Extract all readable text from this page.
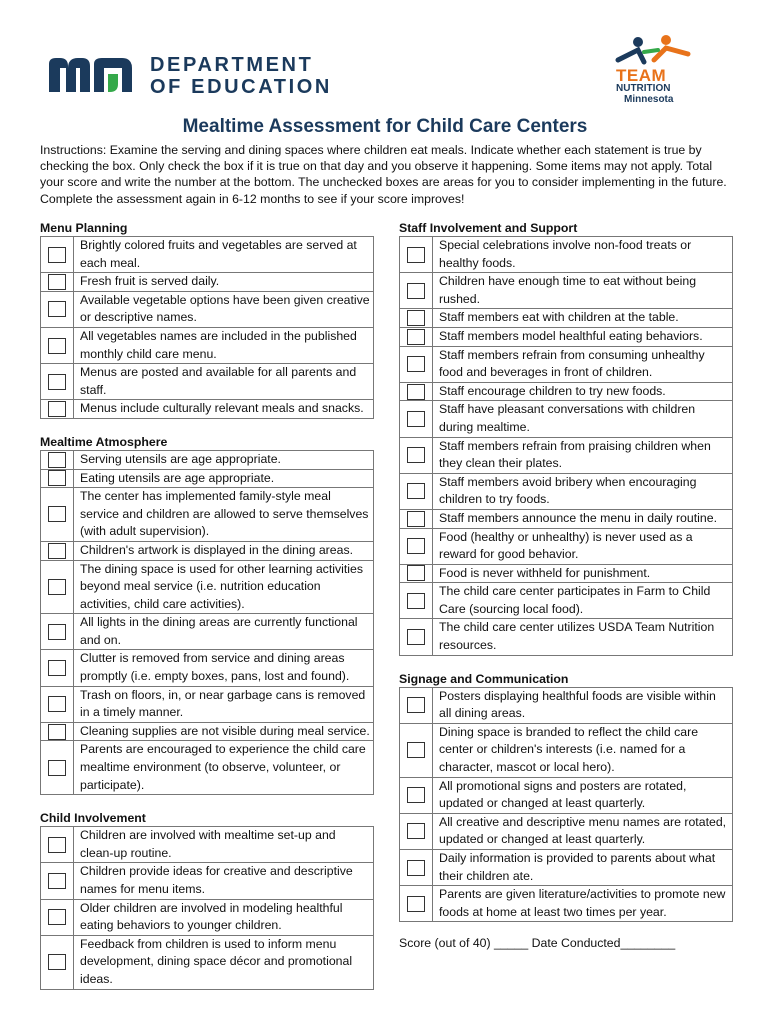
DEPARTMENT
OF EDUCATION
TEAM
NUTRITION
Minnesota
Mealtime Assessment for Child Care Centers

Instructions: Examine the serving and dining spaces where children eat meals. Indicate whether each statement is true by checking the box. Only check the box if it is true on that day and you observe it happening. Some items may not apply. Total your score and write the number at the bottom. The unchecked boxes are areas for you to consider implementing in the future. Complete the assessment again in 6-12 months to see if your score improves!

Menu Planning
	Brightly colored fruits and vegetables are served at each meal.
	Fresh fruit is served daily.
	Available vegetable options have been given creative or descriptive names.
	All vegetables names are included in the published monthly child care menu.
	Menus are posted and available for all parents and staff.
	Menus include culturally relevant meals and snacks.
Mealtime Atmosphere
	Serving utensils are age appropriate.
	Eating utensils are age appropriate.
	The center has implemented family-style meal service and children are allowed to serve themselves (with adult supervision).
	Children's artwork is displayed in the dining areas.
	The dining space is used for other learning activities beyond meal service (i.e. nutrition education activities, child care activities).
	All lights in the dining areas are currently functional and on.
	Clutter is removed from service and dining areas promptly (i.e. empty boxes, pans, lost and found).
	Trash on floors, in, or near garbage cans is removed in a timely manner.
	Cleaning supplies are not visible during meal service.
	Parents are encouraged to experience the child care mealtime environment (to observe, volunteer, or participate).
Child Involvement
	Children are involved with mealtime set-up and clean-up routine.
	Children provide ideas for creative and descriptive names for menu items.
	Older children are involved in modeling healthful eating behaviors to younger children.
	Feedback from children is used to inform menu development, dining space décor and promotional ideas.
Staff Involvement and Support
	Special celebrations involve non-food treats or healthy foods.
	Children have enough time to eat without being rushed.
	Staff members eat with children at the table.
	Staff members model healthful eating behaviors.
	Staff members refrain from consuming unhealthy food and beverages in front of children.
	Staff encourage children to try new foods.
	Staff have pleasant conversations with children during mealtime.
	Staff members refrain from praising children when they clean their plates.
	Staff members avoid bribery when encouraging children to try foods.
	Staff members announce the menu in daily routine.
	Food (healthy or unhealthy) is never used as a reward for good behavior.
	Food is never withheld for punishment.
	The child care center participates in Farm to Child Care (sourcing local food).
	The child care center utilizes USDA Team Nutrition resources.
Signage and Communication
	Posters displaying healthful foods are visible within all dining areas.
	Dining space is branded to reflect the child care center or children's interests (i.e. named for a character, mascot or local hero).
	All promotional signs and posters are rotated, updated or changed at least quarterly.
	All creative and descriptive menu names are rotated, updated or changed at least quarterly.
	Daily information is provided to parents about what their children ate.
	Parents are given literature/activities to promote new foods at home at least two times per year.
Score (out of 40) _____ Date Conducted________
